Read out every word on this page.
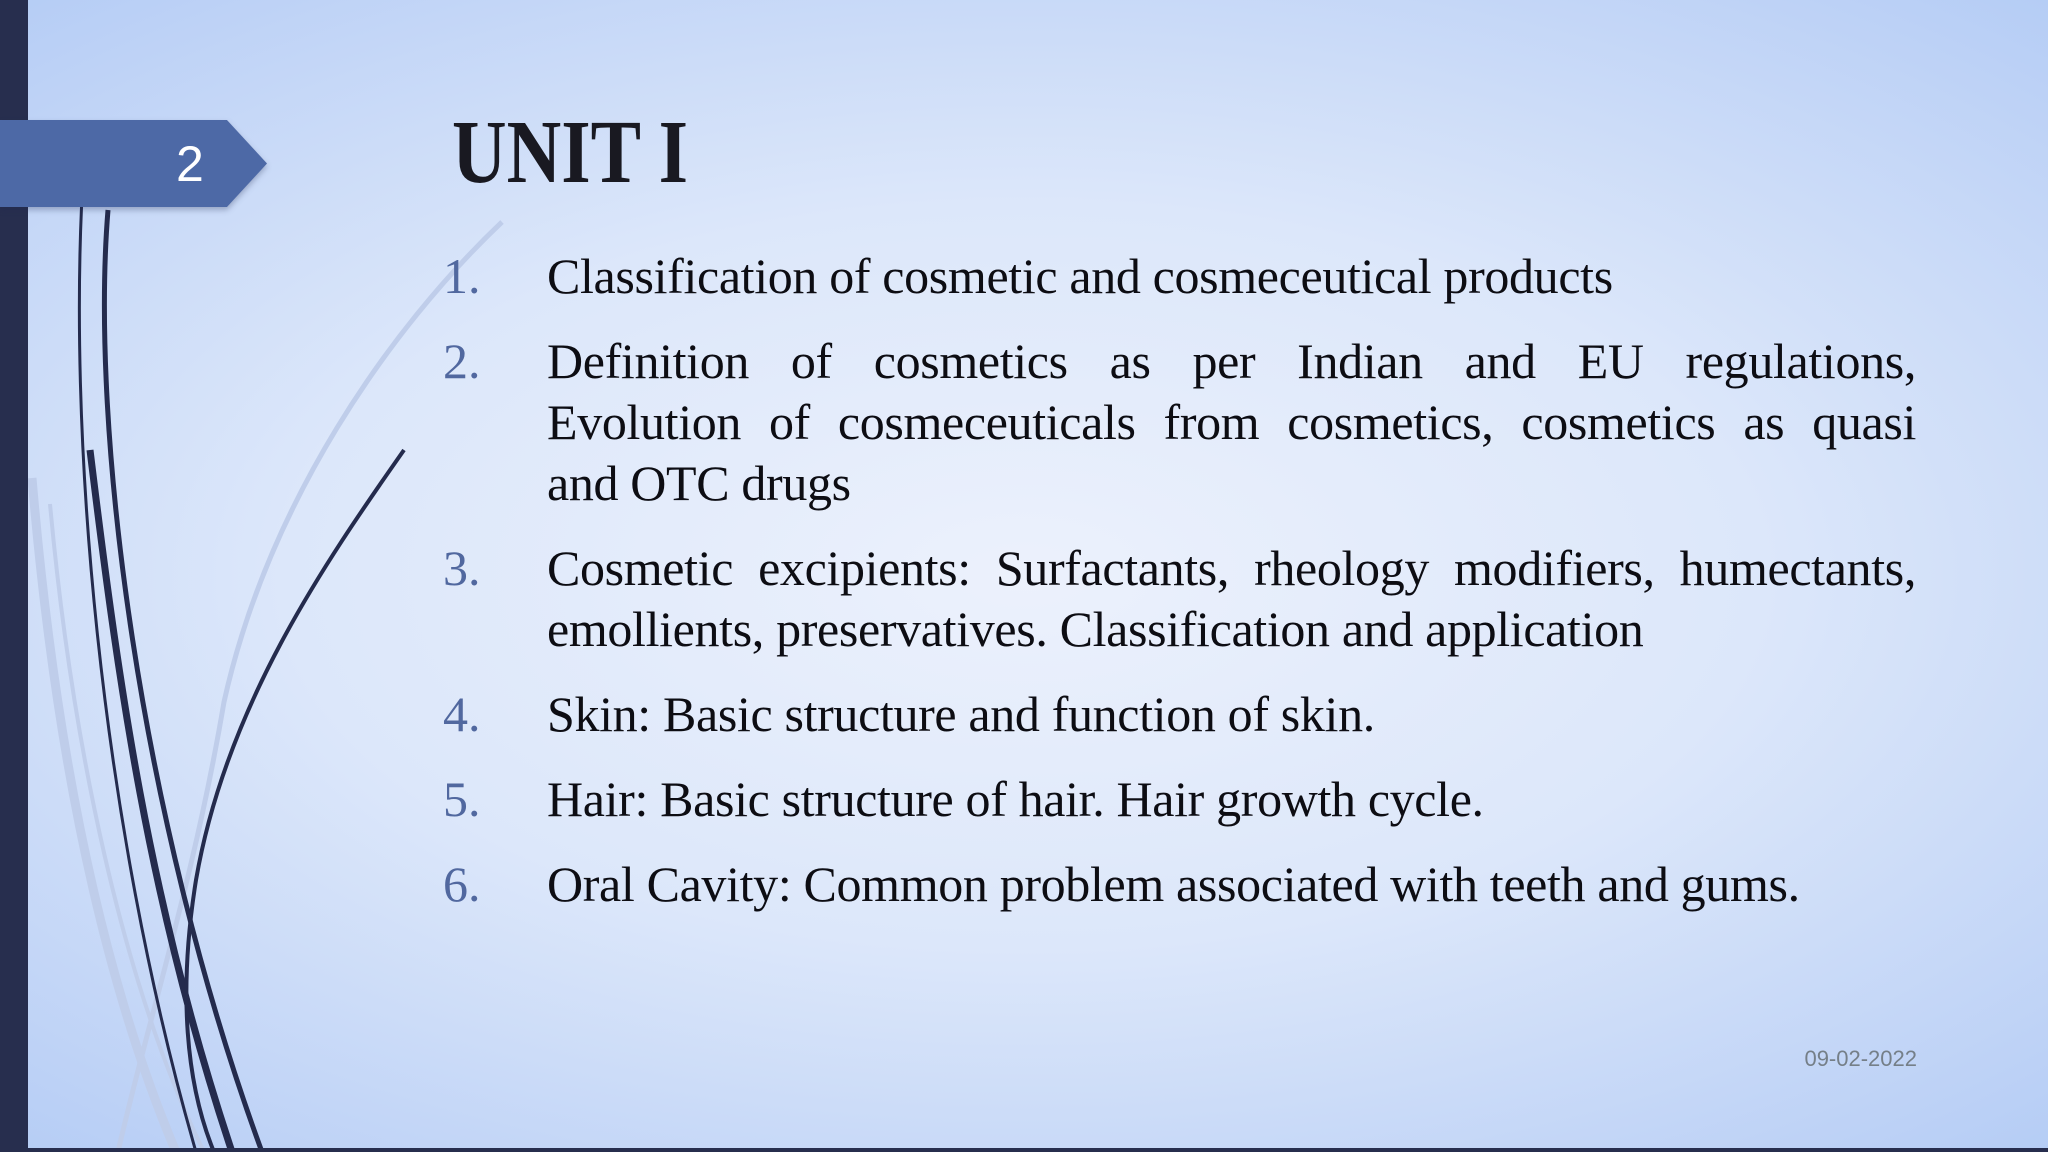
2	UNIT I
1.	Classification of cosmetic and cosmeceutical products
2.	Definition of cosmetics as per Indian and EU regulations,
Evolution of cosmeceuticals from cosmetics, cosmetics as quasi
and OTC drugs
3.	Cosmetic excipients: Surfactants, rheology modifiers, humectants,
emollients, preservatives. Classification and application
4.	Skin: Basic structure and function of skin.
5.	Hair: Basic structure of hair. Hair growth cycle.
6.	Oral Cavity: Common problem associated with teeth and gums.
09-02-2022
